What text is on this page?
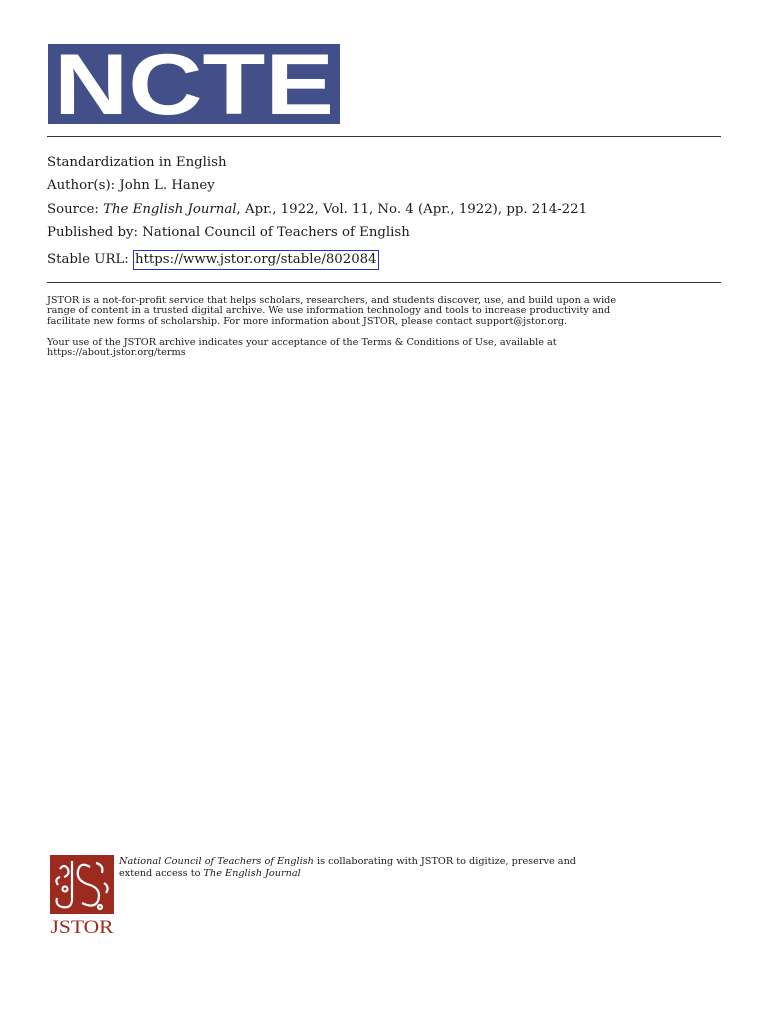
NCTE
Standardization in English
Author(s): John L. Haney
Source: The English Journal, Apr., 1922, Vol. 11, No. 4 (Apr., 1922), pp. 214-221
Published by: National Council of Teachers of English
Stable URL: https://www.jstor.org/stable/802084
JSTOR is a not-for-profit service that helps scholars, researchers, and students discover, use, and build upon a wide
range of content in a trusted digital archive. We use information technology and tools to increase productivity and
facilitate new forms of scholarship. For more information about JSTOR, please contact support@jstor.org.
Your use of the JSTOR archive indicates your acceptance of the Terms & Conditions of Use, available at
https://about.jstor.org/terms
JSTOR
National Council of Teachers of English is collaborating with JSTOR to digitize, preserve and
extend access to The English Journal
